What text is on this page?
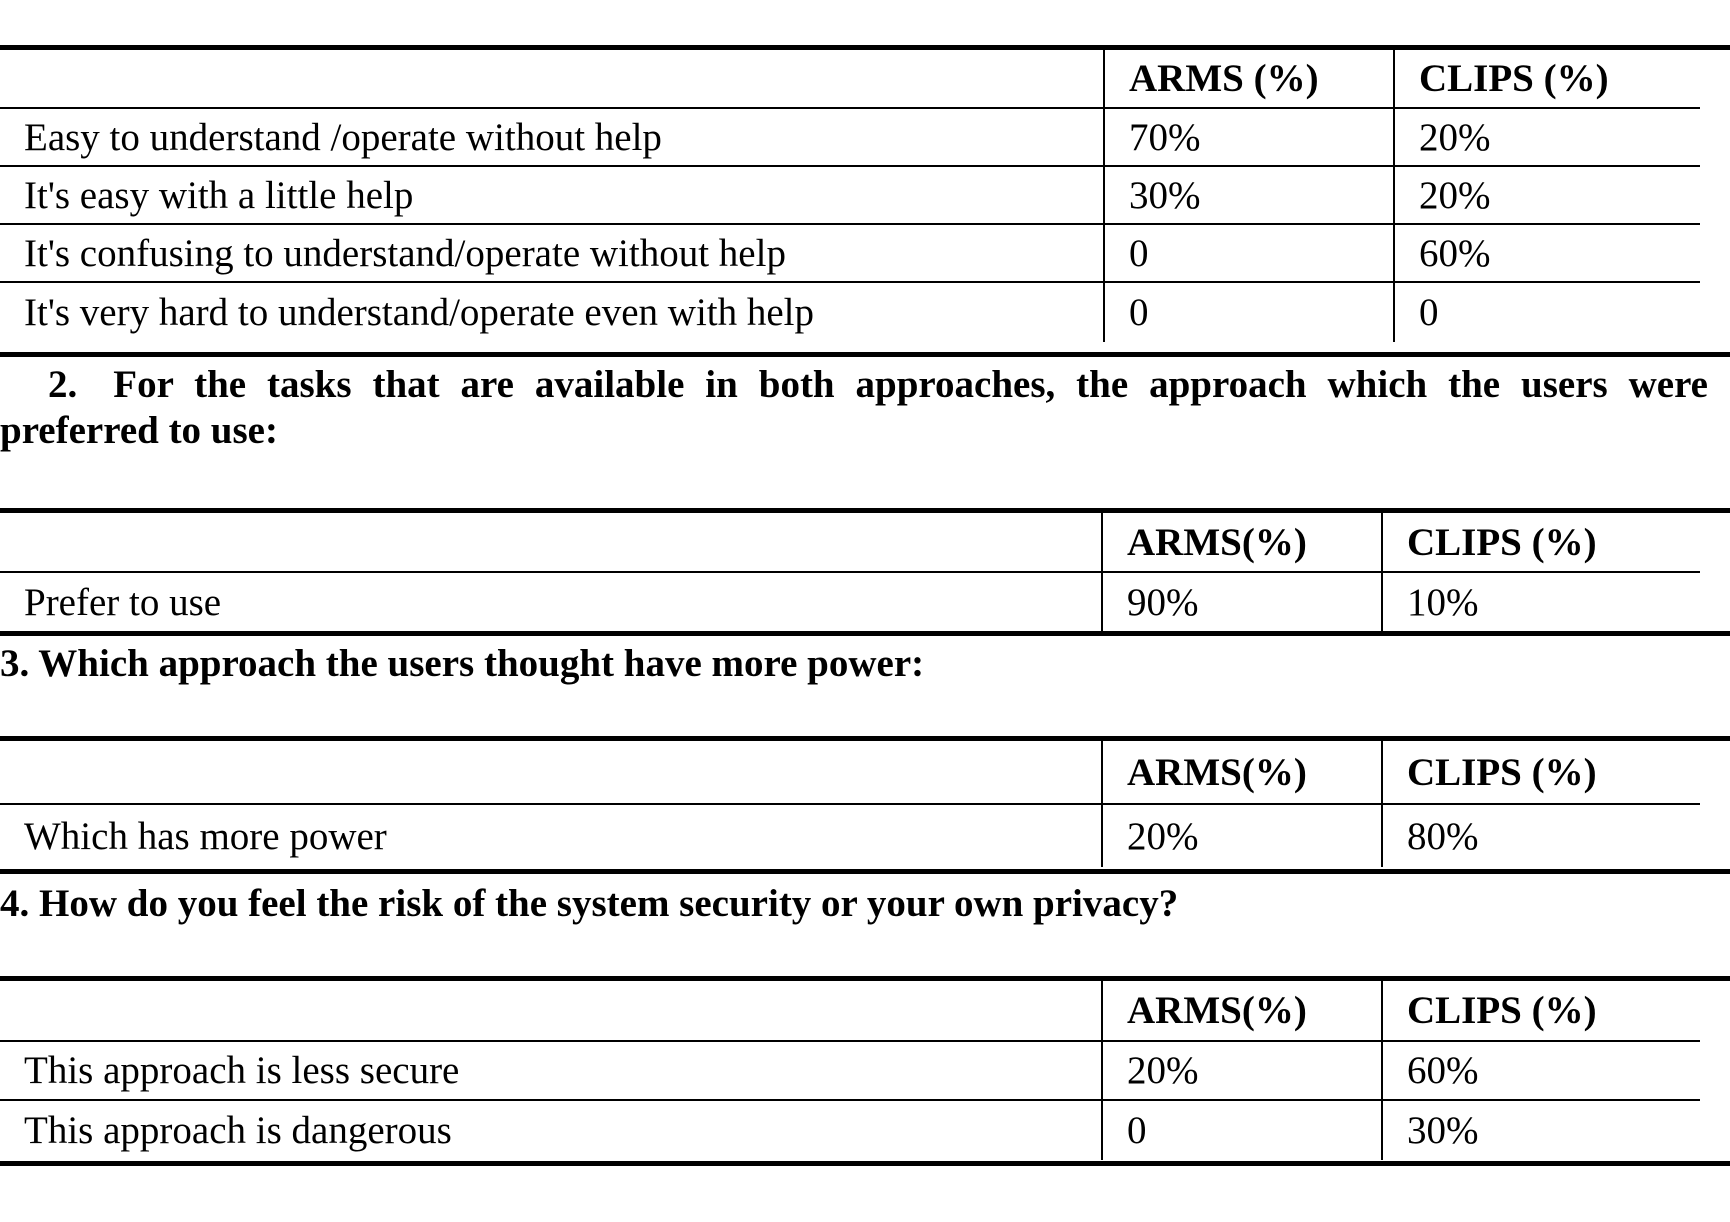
	ARMS (%)	CLIPS (%)
Easy to understand /operate without help	70%	20%
It's easy with a little help	30%	20%
It's confusing to understand/operate without help	0	60%
It's very hard to understand/operate even with help	0	0
2. For the tasks that are available in both approaches, the approach which the users were preferred to use:
	ARMS(%)	CLIPS (%)
Prefer to use	90%	10%
3. Which approach the users thought have more power:
	ARMS(%)	CLIPS (%)
Which has more power	20%	80%
4. How do you feel the risk of the system security or your own privacy?
	ARMS(%)	CLIPS (%)
This approach is less secure	20%	60%
This approach is dangerous	0	30%
